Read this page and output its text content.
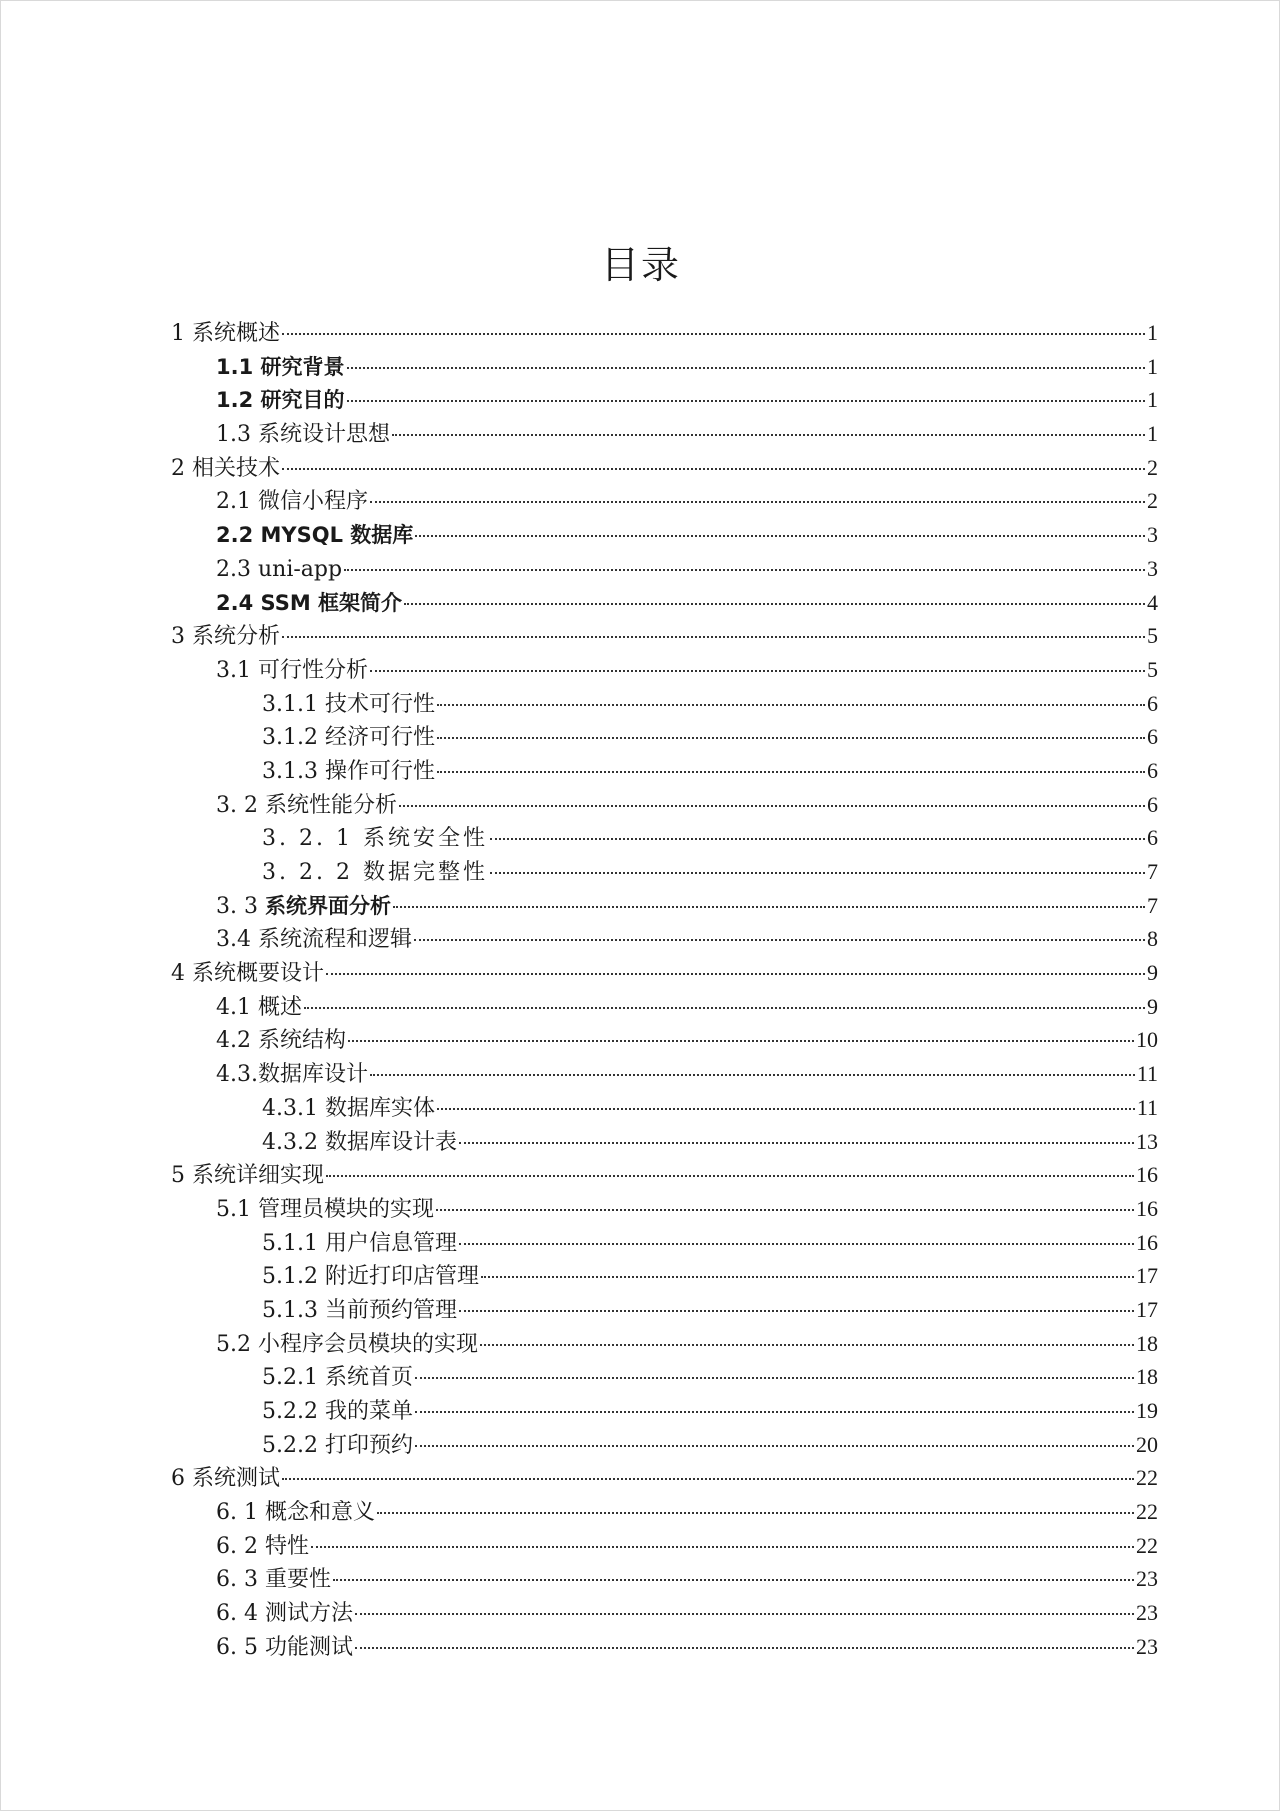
目录
1 系统概述	1
1.1 研究背景	1
1.2 研究目的	1
1.3 系统设计思想	1
2 相关技术	2
2.1 微信小程序	2
2.2 MYSQL 数据库	3
2.3 uni-app	3
2.4 SSM 框架简介	4
3 系统分析	5
3.1 可行性分析	5
3.1.1 技术可行性	6
3.1.2 经济可行性	6
3.1.3 操作可行性	6
3. 2 系统性能分析	6
3. 2. 1 系统安全性	6
3. 2. 2 数据完整性	7
3. 3 系统界面分析	7
3.4 系统流程和逻辑	8
4 系统概要设计	9
4.1 概述	9
4.2 系统结构	10
4.3.数据库设计	11
4.3.1 数据库实体	11
4.3.2 数据库设计表	13
5 系统详细实现	16
5.1 管理员模块的实现	16
5.1.1 用户信息管理	16
5.1.2 附近打印店管理	17
5.1.3 当前预约管理	17
5.2 小程序会员模块的实现	18
5.2.1 系统首页	18
5.2.2 我的菜单	19
5.2.2 打印预约	20
6 系统测试	22
6. 1 概念和意义	22
6. 2 特性	22
6. 3 重要性	23
6. 4 测试方法	23
6. 5 功能测试	23
